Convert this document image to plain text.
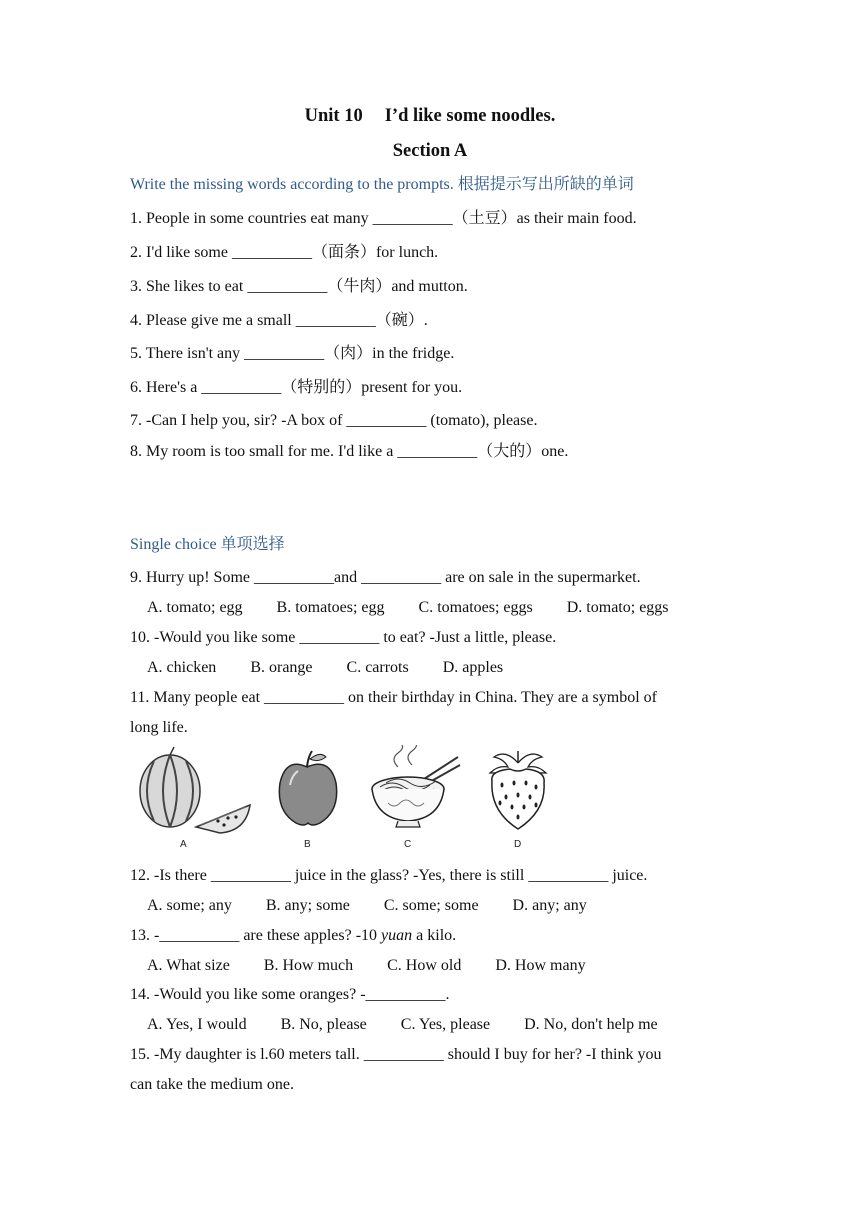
Unit 10 I’d like some noodles.
Section A
Write the missing words according to the prompts. 根据提示写出所缺的单词
1. People in some countries eat many __________（土豆）as their main food.
2. I'd like some __________（面条）for lunch.
3. She likes to eat __________（牛肉）and mutton.
4. Please give me a small __________（碗）.
5. There isn't any __________（肉）in the fridge.
6. Here's a __________（特别的）present for you.
7. -Can I help you, sir? -A box of __________ (tomato), please.
8. My room is too small for me. I'd like a __________（大的）one.
Single choice 单项选择
9. Hurry up! Some __________and __________ are on sale in the supermarket.
A. tomato; egg B. tomatoes; egg C. tomatoes; eggs D. tomato; eggs
10. -Would you like some __________ to eat? -Just a little, please.
A. chicken B. orange C. carrots D. apples
11. Many people eat __________ on their birthday in China. They are a symbol of
long life.
A	B	C	D
12. -Is there __________ juice in the glass? -Yes, there is still __________ juice.
A. some; any B. any; some C. some; some D. any; any
13. -__________ are these apples? -10 yuan a kilo.
A. What size B. How much C. How old D. How many
14. -Would you like some oranges? -__________.
A. Yes, I would B. No, please C. Yes, please D. No, don't help me
15. -My daughter is l.60 meters tall. __________ should I buy for her? -I think you
can take the medium one.
